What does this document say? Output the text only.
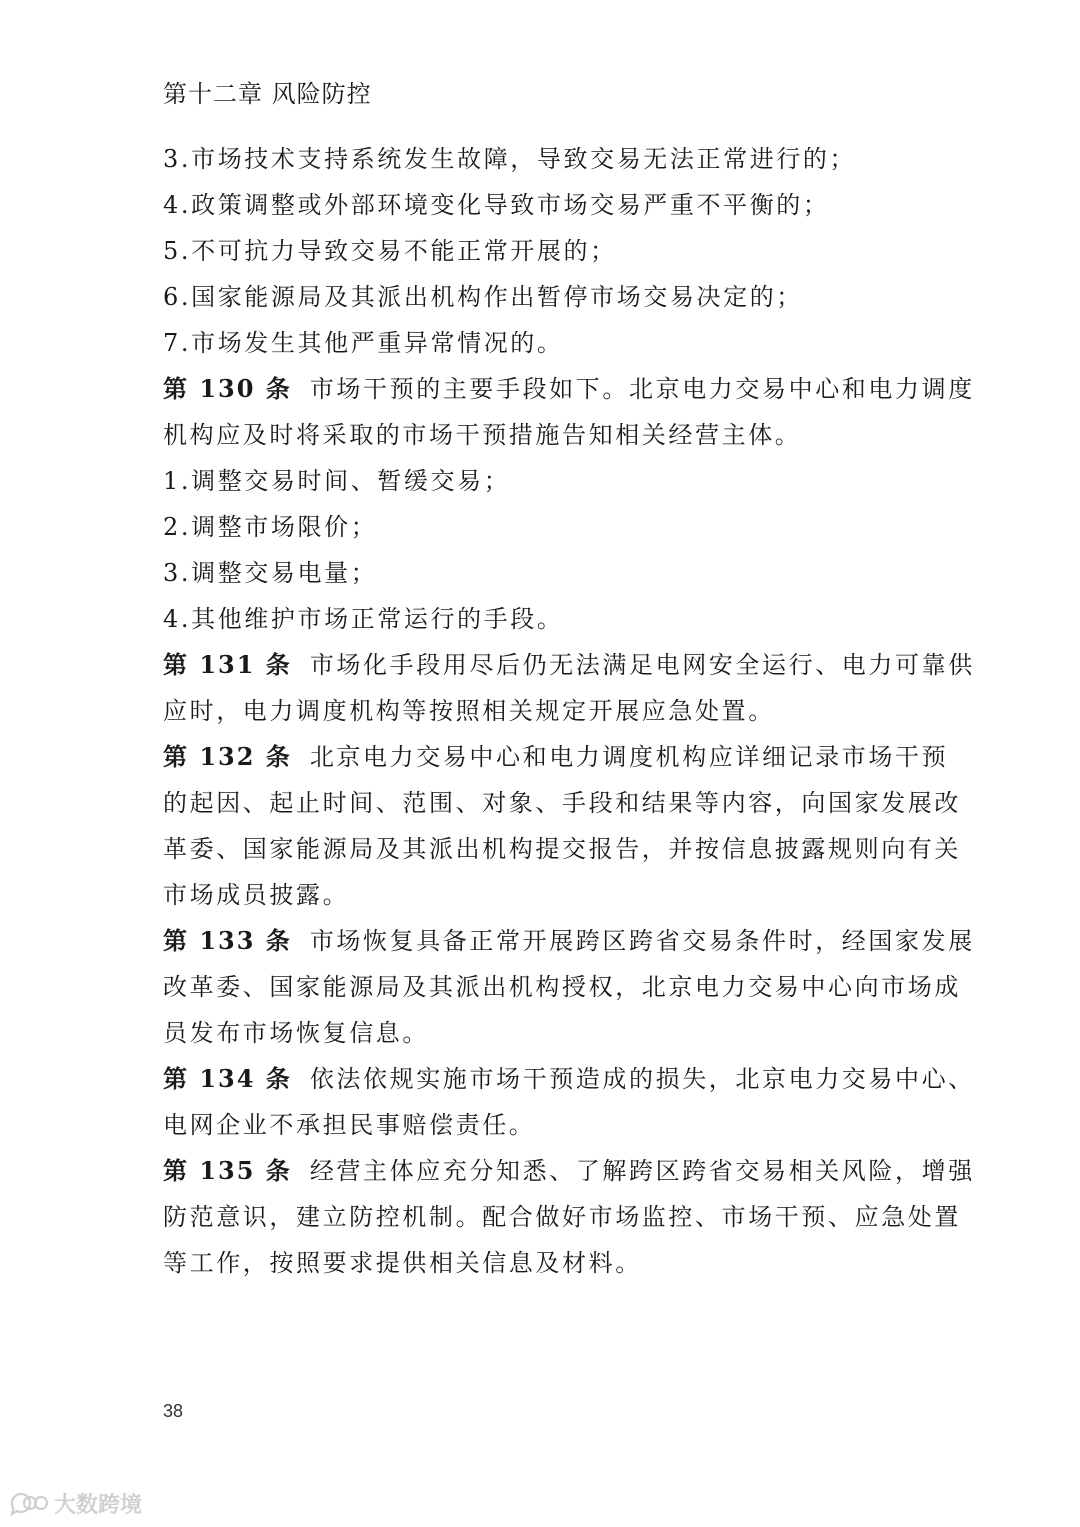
第十二章 风险防控
3.市场技术支持系统发生故障，导致交易无法正常进行的；
4.政策调整或外部环境变化导致市场交易严重不平衡的；
5.不可抗力导致交易不能正常开展的；
6.国家能源局及其派出机构作出暂停市场交易决定的；
7.市场发生其他严重异常情况的。
第 130 条 市场干预的主要手段如下。北京电力交易中心和电力调度
机构应及时将采取的市场干预措施告知相关经营主体。
1.调整交易时间、暂缓交易；
2.调整市场限价；
3.调整交易电量；
4.其他维护市场正常运行的手段。
第 131 条 市场化手段用尽后仍无法满足电网安全运行、电力可靠供
应时，电力调度机构等按照相关规定开展应急处置。
第 132 条 北京电力交易中心和电力调度机构应详细记录市场干预
的起因、起止时间、范围、对象、手段和结果等内容，向国家发展改
革委、国家能源局及其派出机构提交报告，并按信息披露规则向有关
市场成员披露。
第 133 条 市场恢复具备正常开展跨区跨省交易条件时，经国家发展
改革委、国家能源局及其派出机构授权，北京电力交易中心向市场成
员发布市场恢复信息。
第 134 条 依法依规实施市场干预造成的损失，北京电力交易中心、
电网企业不承担民事赔偿责任。
第 135 条 经营主体应充分知悉、了解跨区跨省交易相关风险，增强
防范意识，建立防控机制。配合做好市场监控、市场干预、应急处置
等工作，按照要求提供相关信息及材料。
38
大数跨境
